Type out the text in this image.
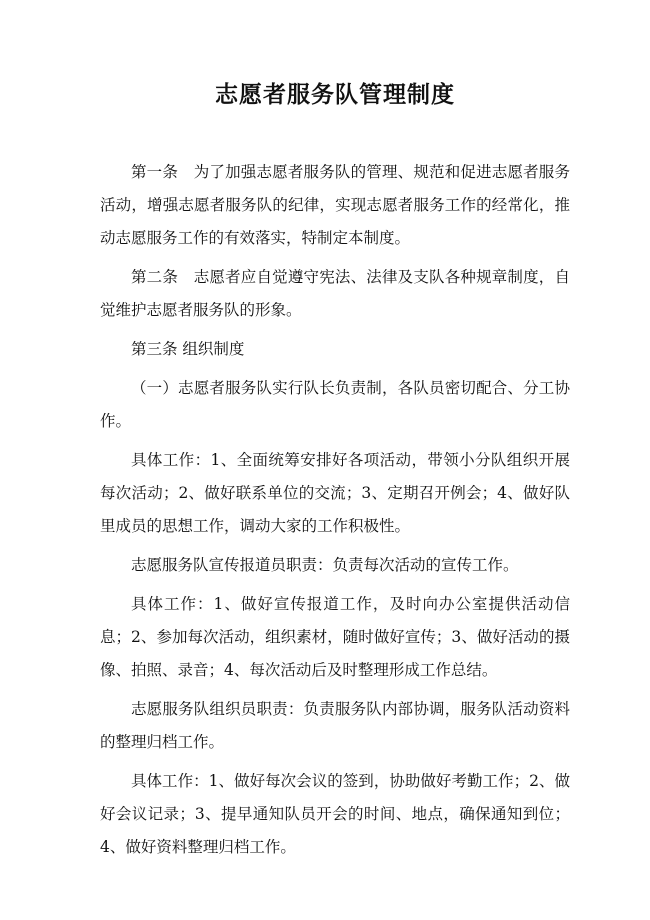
志愿者服务队管理制度

第一条　为了加强志愿者服务队的管理、规范和促进志愿者服务活动，增强志愿者服务队的纪律，实现志愿者服务工作的经常化，推动志愿服务工作的有效落实，特制定本制度。

第二条　志愿者应自觉遵守宪法、法律及支队各种规章制度，自觉维护志愿者服务队的形象。

第三条 组织制度

（一）志愿者服务队实行队长负责制，各队员密切配合、分工协作。

具体工作：1、全面统筹安排好各项活动，带领小分队组织开展每次活动；2、做好联系单位的交流；3、定期召开例会；4、做好队里成员的思想工作，调动大家的工作积极性。

志愿服务队宣传报道员职责：负责每次活动的宣传工作。

具体工作：1、做好宣传报道工作，及时向办公室提供活动信息；2、参加每次活动，组织素材，随时做好宣传；3、做好活动的摄像、拍照、录音；4、每次活动后及时整理形成工作总结。

志愿服务队组织员职责：负责服务队内部协调，服务队活动资料的整理归档工作。

具体工作：1、做好每次会议的签到，协助做好考勤工作；2、做好会议记录；3、提早通知队员开会的时间、地点，确保通知到位；4、做好资料整理归档工作。
